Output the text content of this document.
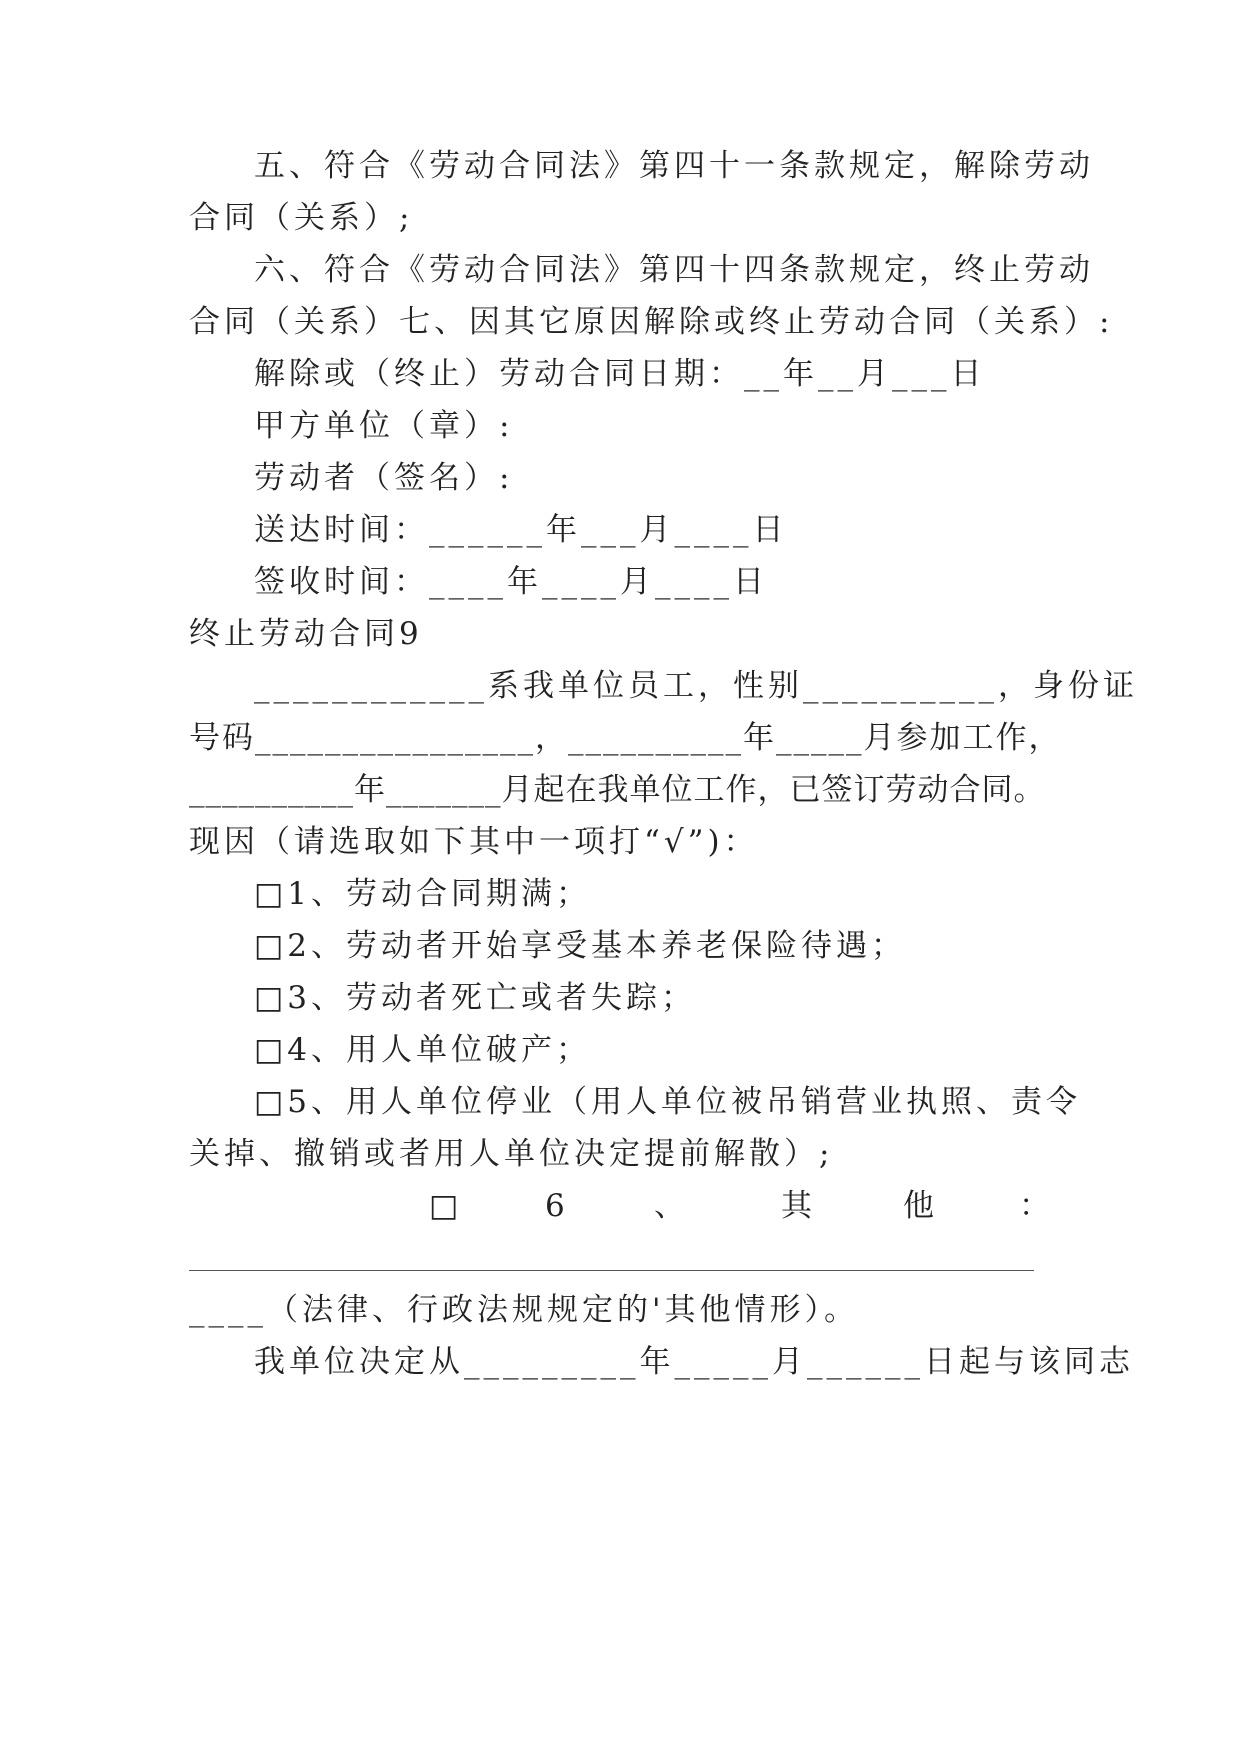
五、符合《劳动合同法》第四十一条款规定，解除劳动
合同（关系）;
六、符合《劳动合同法》第四十四条款规定，终止劳动
合同（关系）七、因其它原因解除或终止劳动合同（关系）:
解除或（终止）劳动合同日期：__年__月___日
甲方单位（章）:
劳动者（签名）:
送达时间：______年___月____日
签收时间：____年____月____日
终止劳动合同9
____________系我单位员工，性别__________，身份证
号码________________，__________年_____月参加工作，
__________年_______月起在我单位工作，已签订劳动合同。
现因（请选取如下其中一项打“√”)：
□1、劳动合同期满；
□2、劳动者开始享受基本养老保险待遇；
□3、劳动者死亡或者失踪；
□4、用人单位破产；
□5、用人单位停业（用人单位被吊销营业执照、责令
关掉、撤销或者用人单位决定提前解散）;
□	6	、	其	他	：
____（法律、行政法规规定的'其他情形）。
我单位决定从_________年_____月______日起与该同志
